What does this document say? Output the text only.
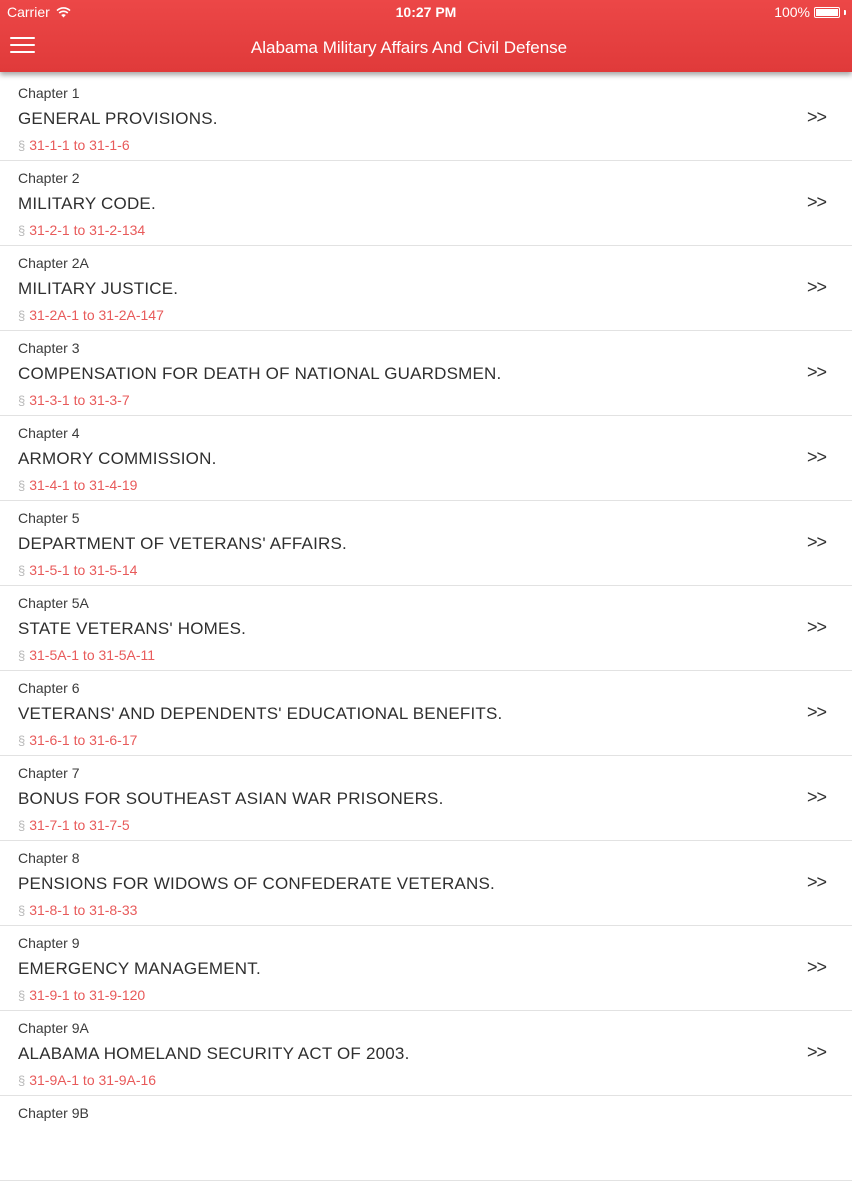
Carrier	10:27 PM	100%
Alabama Military Affairs And Civil Defense
Chapter 1
GENERAL PROVISIONS.
§ 31-1-1 to 31-1-6
>>
Chapter 2
MILITARY CODE.
§ 31-2-1 to 31-2-134
>>
Chapter 2A
MILITARY JUSTICE.
§ 31-2A-1 to 31-2A-147
>>
Chapter 3
COMPENSATION FOR DEATH OF NATIONAL GUARDSMEN.
§ 31-3-1 to 31-3-7
>>
Chapter 4
ARMORY COMMISSION.
§ 31-4-1 to 31-4-19
>>
Chapter 5
DEPARTMENT OF VETERANS' AFFAIRS.
§ 31-5-1 to 31-5-14
>>
Chapter 5A
STATE VETERANS' HOMES.
§ 31-5A-1 to 31-5A-11
>>
Chapter 6
VETERANS' AND DEPENDENTS' EDUCATIONAL BENEFITS.
§ 31-6-1 to 31-6-17
>>
Chapter 7
BONUS FOR SOUTHEAST ASIAN WAR PRISONERS.
§ 31-7-1 to 31-7-5
>>
Chapter 8
PENSIONS FOR WIDOWS OF CONFEDERATE VETERANS.
§ 31-8-1 to 31-8-33
>>
Chapter 9
EMERGENCY MANAGEMENT.
§ 31-9-1 to 31-9-120
>>
Chapter 9A
ALABAMA HOMELAND SECURITY ACT OF 2003.
§ 31-9A-1 to 31-9A-16
>>
Chapter 9B
